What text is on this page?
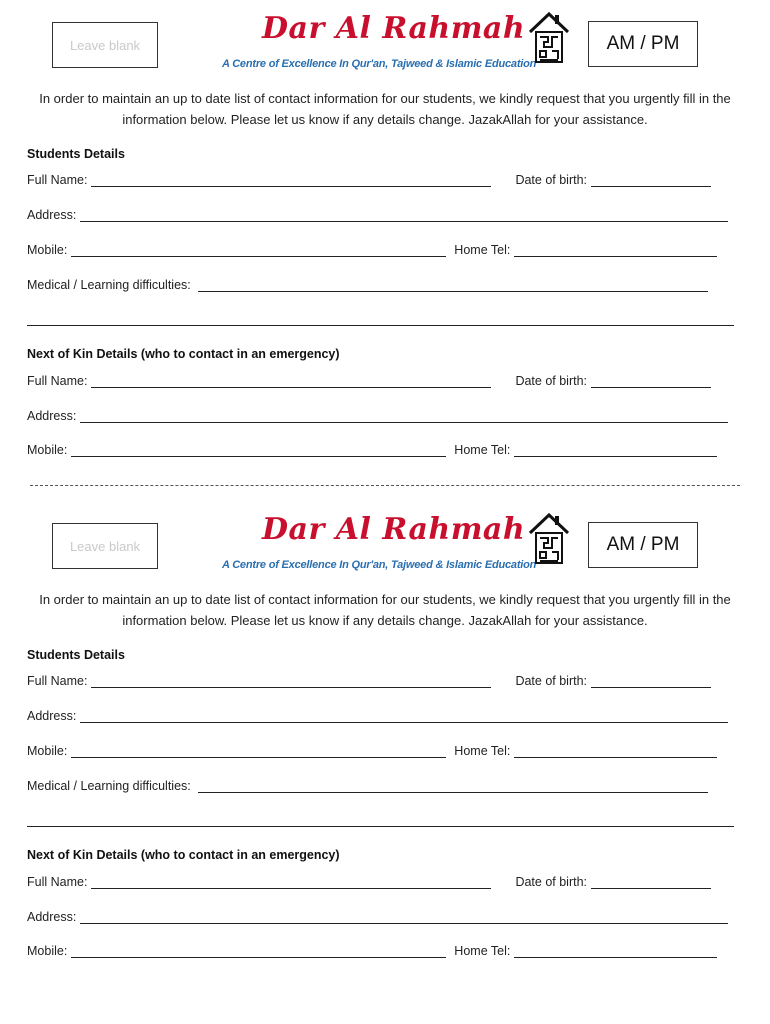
Leave blank	Dar Al Rahmah
A Centre of Excellence In Qur'an, Tajweed & Islamic Education
AM / PM
In order to maintain an up to date list of contact information for our students, we kindly request that you urgently fill in the information below. Please let us know if any details change. JazakAllah for your assistance.
Students Details
Full Name:	Date of birth:
Address:
Mobile:	Home Tel:
Medical / Learning difficulties:
Next of Kin Details (who to contact in an emergency)
Full Name:	Date of birth:
Address:
Mobile:	Home Tel:
Leave blank	Dar Al Rahmah
A Centre of Excellence In Qur'an, Tajweed & Islamic Education
AM / PM
In order to maintain an up to date list of contact information for our students, we kindly request that you urgently fill in the information below. Please let us know if any details change. JazakAllah for your assistance.
Students Details
Full Name:	Date of birth:
Address:
Mobile:	Home Tel:
Medical / Learning difficulties:
Next of Kin Details (who to contact in an emergency)
Full Name:	Date of birth:
Address:
Mobile:	Home Tel:
